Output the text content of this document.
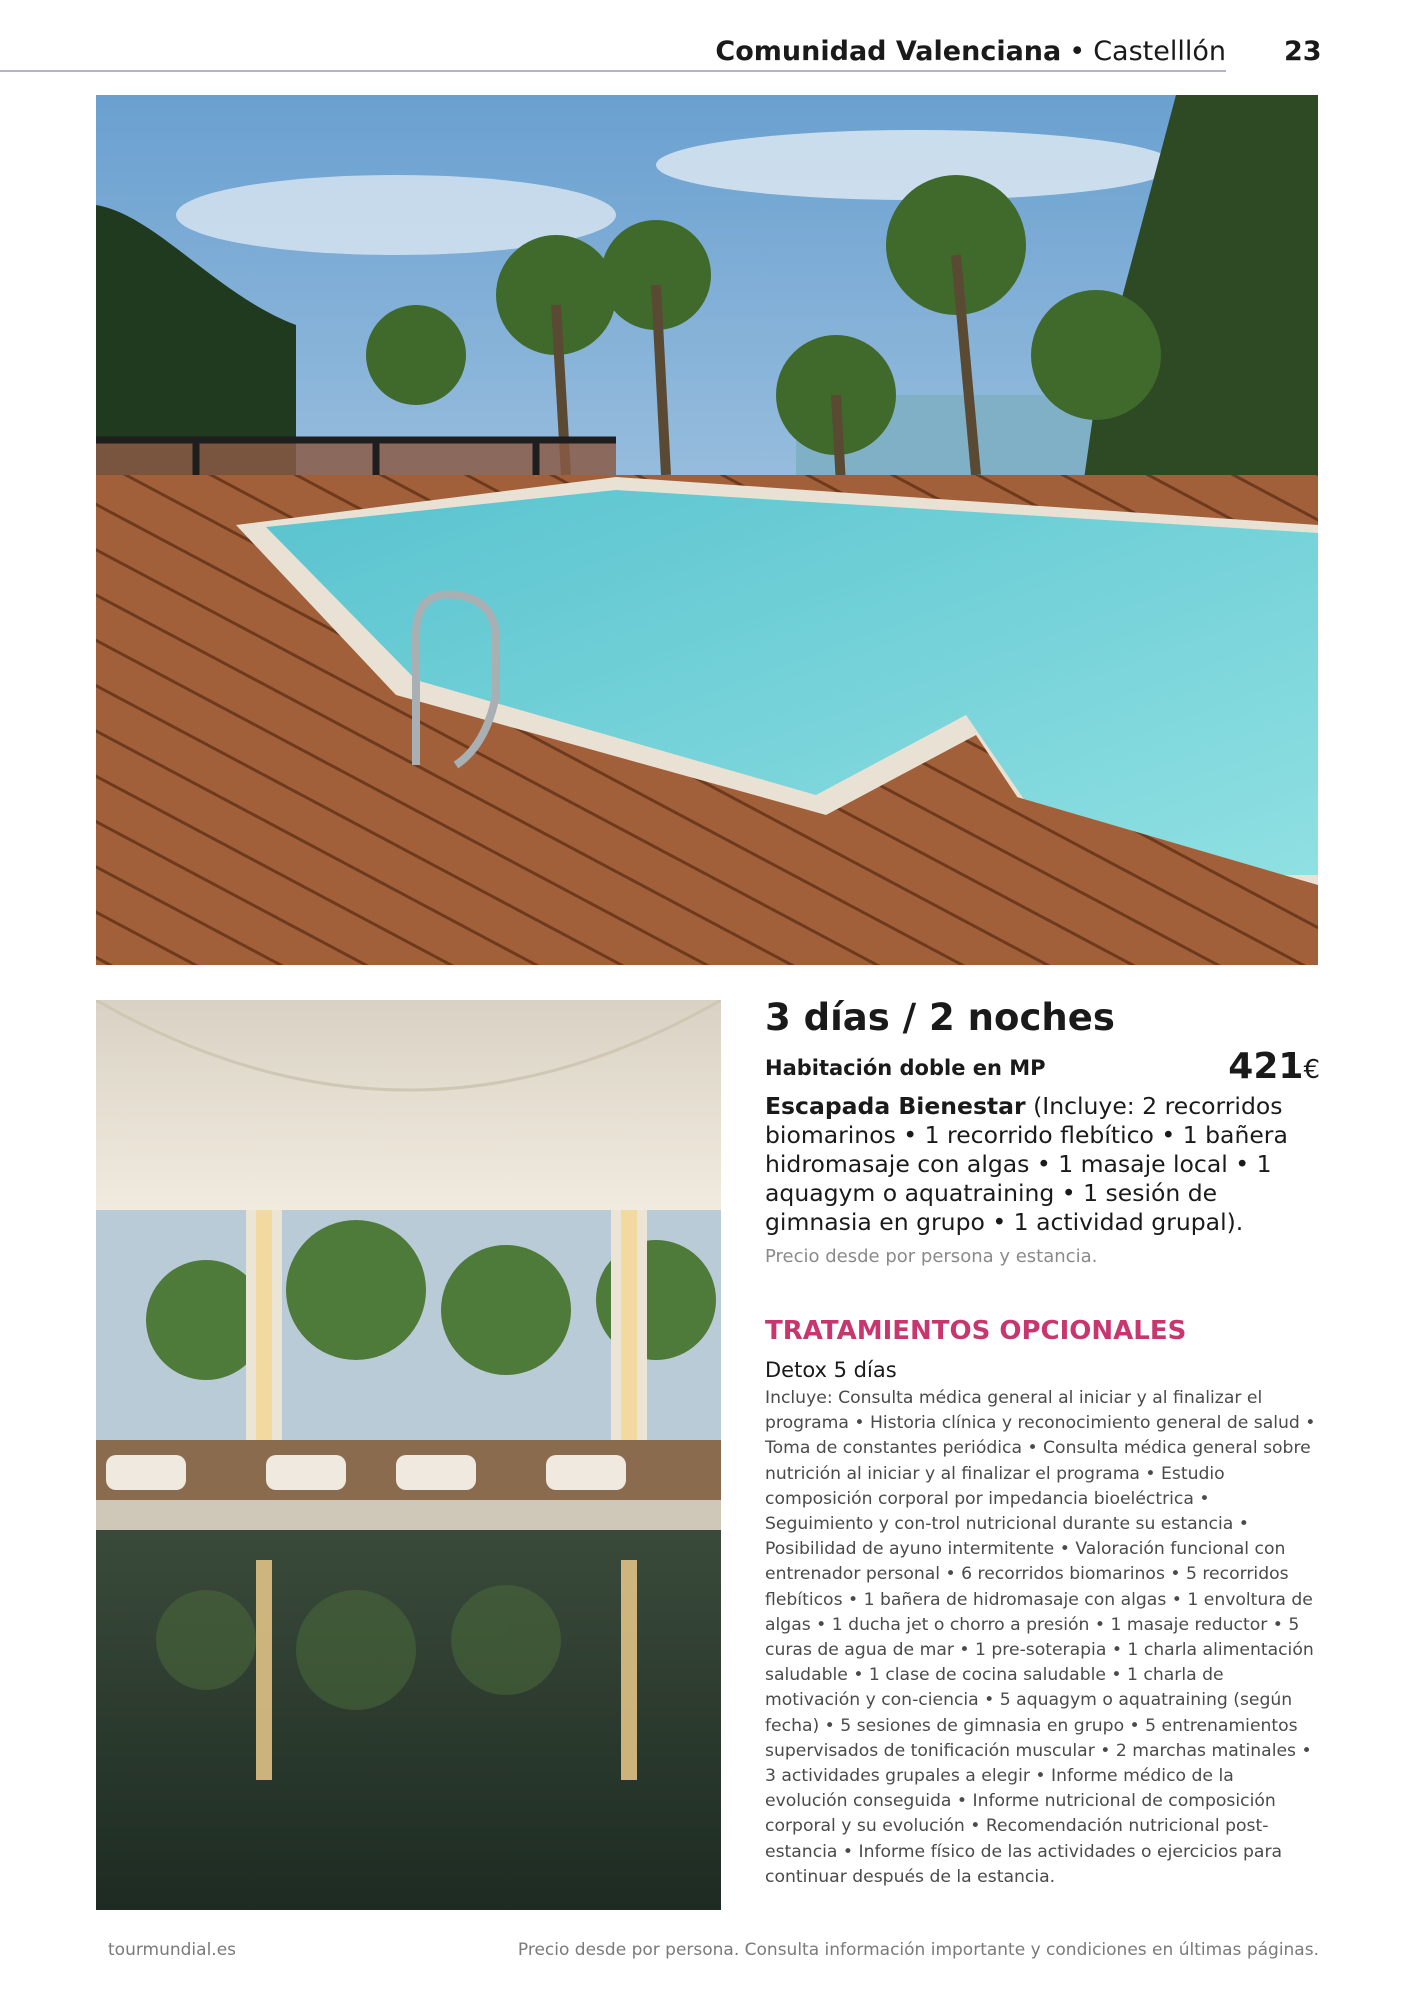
Comunidad Valenciana • Castelllón 23
3 días / 2 noches
Habitación doble en MP	421€
Escapada Bienestar (Incluye: 2 recorridos biomarinos • 1 recorrido flebítico • 1 bañera hidromasaje con algas • 1 masaje local • 1 aquagym o aquatraining • 1 sesión de gimnasia en grupo • 1 actividad grupal).
Precio desde por persona y estancia.
TRATAMIENTOS OPCIONALES
Detox 5 días
Incluye: Consulta médica general al iniciar y al finalizar el programa • Historia clínica y reconocimiento general de salud • Toma de constantes periódica • Consulta médica general sobre nutrición al iniciar y al finalizar el programa • Estudio composición corporal por impedancia bioeléctrica • Seguimiento y con-trol nutricional durante su estancia • Posibilidad de ayuno intermitente • Valoración funcional con entrenador personal • 6 recorridos biomarinos • 5 recorridos flebíticos • 1 bañera de hidromasaje con algas • 1 envoltura de algas • 1 ducha jet o chorro a presión • 1 masaje reductor • 5 curas de agua de mar • 1 pre-soterapia • 1 charla alimentación saludable • 1 clase de cocina saludable • 1 charla de motivación y con-ciencia • 5 aquagym o aquatraining (según fecha) • 5 sesiones de gimnasia en grupo • 5 entrenamientos supervisados de tonificación muscular • 2 marchas matinales • 3 actividades grupales a elegir • Informe médico de la evolución conseguida • Informe nutricional de composición corporal y su evolución • Recomendación nutricional post-estancia • Informe físico de las actividades o ejercicios para continuar después de la estancia.
tourmundial.es	Precio desde por persona. Consulta información importante y condiciones en últimas páginas.
